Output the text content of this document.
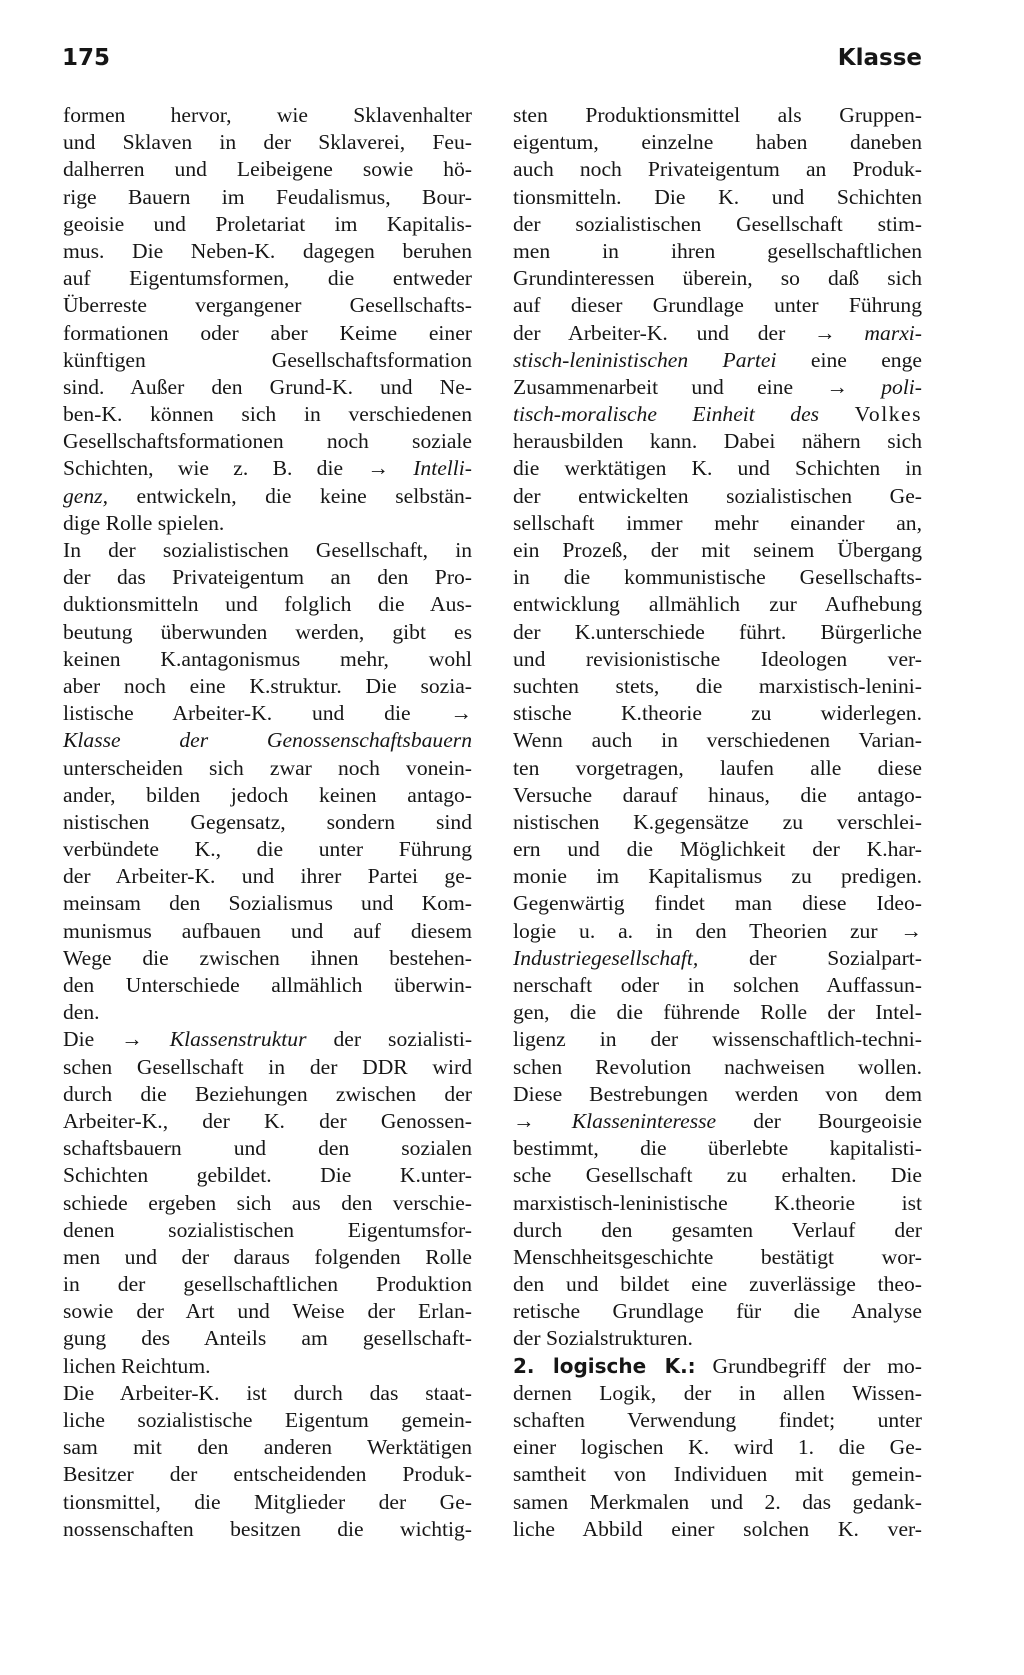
175	Klasse
formen hervor, wie Sklavenhalter
und Sklaven in der Sklaverei, Feu-
dalherren und Leibeigene sowie hö-
rige Bauern im Feudalismus, Bour-
geoisie und Proletariat im Kapitalis-
mus. Die Neben-K. dagegen beruhen
auf Eigentumsformen, die entweder
Überreste vergangener Gesellschafts-
formationen oder aber Keime einer
künftigen Gesellschaftsformation
sind. Außer den Grund-K. und Ne-
ben-K. können sich in verschiedenen
Gesellschaftsformationen noch soziale
Schichten, wie z. B. die → Intelli-
genz, entwickeln, die keine selbstän-
dige Rolle spielen.
In der sozialistischen Gesellschaft, in
der das Privateigentum an den Pro-
duktionsmitteln und folglich die Aus-
beutung überwunden werden, gibt es
keinen K.antagonismus mehr, wohl
aber noch eine K.struktur. Die sozia-
listische Arbeiter-K. und die →
Klasse der Genossenschaftsbauern
unterscheiden sich zwar noch vonein-
ander, bilden jedoch keinen antago-
nistischen Gegensatz, sondern sind
verbündete K., die unter Führung
der Arbeiter-K. und ihrer Partei ge-
meinsam den Sozialismus und Kom-
munismus aufbauen und auf diesem
Wege die zwischen ihnen bestehen-
den Unterschiede allmählich überwin-
den.
Die → Klassenstruktur der sozialisti-
schen Gesellschaft in der DDR wird
durch die Beziehungen zwischen der
Arbeiter-K., der K. der Genossen-
schaftsbauern und den sozialen
Schichten gebildet. Die K.unter-
schiede ergeben sich aus den verschie-
denen sozialistischen Eigentumsfor-
men und der daraus folgenden Rolle
in der gesellschaftlichen Produktion
sowie der Art und Weise der Erlan-
gung des Anteils am gesellschaft-
lichen Reichtum.
Die Arbeiter-K. ist durch das staat-
liche sozialistische Eigentum gemein-
sam mit den anderen Werktätigen
Besitzer der entscheidenden Produk-
tionsmittel, die Mitglieder der Ge-
nossenschaften besitzen die wichtig-
sten Produktionsmittel als Gruppen-
eigentum, einzelne haben daneben
auch noch Privateigentum an Produk-
tionsmitteln. Die K. und Schichten
der sozialistischen Gesellschaft stim-
men in ihren gesellschaftlichen
Grundinteressen überein, so daß sich
auf dieser Grundlage unter Führung
der Arbeiter-K. und der → marxi-
stisch-leninistischen Partei eine enge
Zusammenarbeit und eine → poli-
tisch-moralische Einheit des Volkes
herausbilden kann. Dabei nähern sich
die werktätigen K. und Schichten in
der entwickelten sozialistischen Ge-
sellschaft immer mehr einander an,
ein Prozeß, der mit seinem Übergang
in die kommunistische Gesellschafts-
entwicklung allmählich zur Aufhebung
der K.unterschiede führt. Bürgerliche
und revisionistische Ideologen ver-
suchten stets, die marxistisch-lenini-
stische K.theorie zu widerlegen.
Wenn auch in verschiedenen Varian-
ten vorgetragen, laufen alle diese
Versuche darauf hinaus, die antago-
nistischen K.gegensätze zu verschlei-
ern und die Möglichkeit der K.har-
monie im Kapitalismus zu predigen.
Gegenwärtig findet man diese Ideo-
logie u. a. in den Theorien zur →
Industriegesellschaft, der Sozialpart-
nerschaft oder in solchen Auffassun-
gen, die die führende Rolle der Intel-
ligenz in der wissenschaftlich-techni-
schen Revolution nachweisen wollen.
Diese Bestrebungen werden von dem
→ Klasseninteresse der Bourgeoisie
bestimmt, die überlebte kapitalisti-
sche Gesellschaft zu erhalten. Die
marxistisch-leninistische K.theorie ist
durch den gesamten Verlauf der
Menschheitsgeschichte bestätigt wor-
den und bildet eine zuverlässige theo-
retische Grundlage für die Analyse
der Sozialstrukturen.
2. logische K.: Grundbegriff der mo-
dernen Logik, der in allen Wissen-
schaften Verwendung findet; unter
einer logischen K. wird 1. die Ge-
samtheit von Individuen mit gemein-
samen Merkmalen und 2. das gedank-
liche Abbild einer solchen K. ver-
